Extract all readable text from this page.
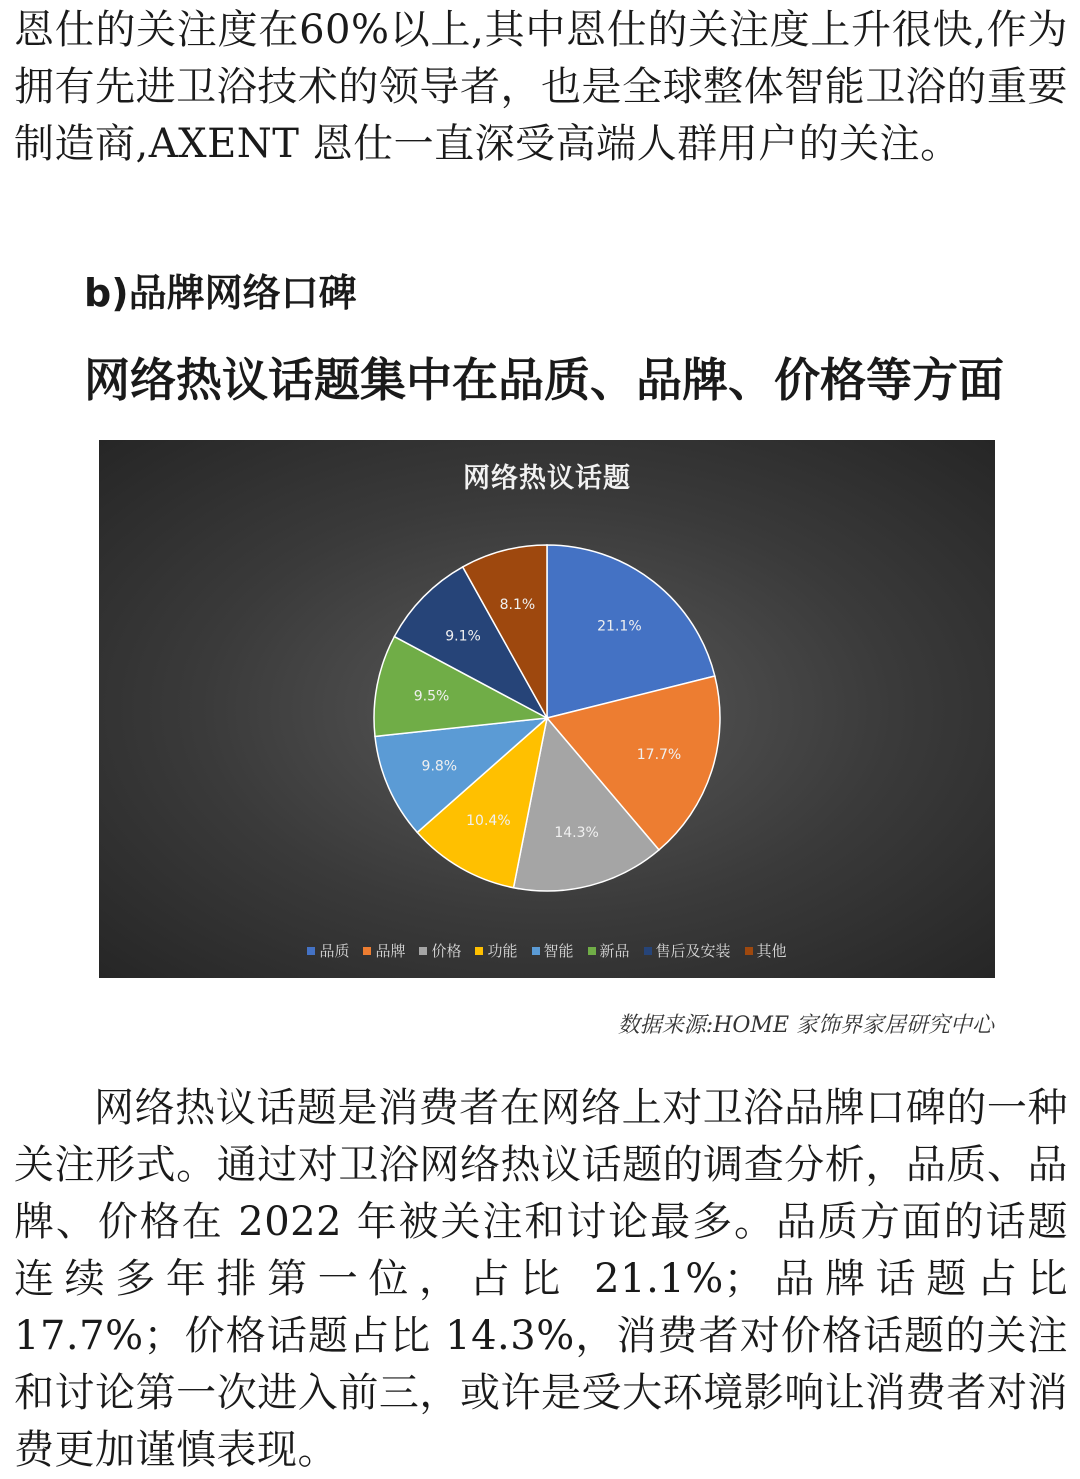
恩仕的关注度在60%以上,其中恩仕的关注度上升很快,作为拥有先进卫浴技术的领导者，也是全球整体智能卫浴的重要制造商,AXENT 恩仕一直深受高端人群用户的关注。

b)品牌网络口碑
网络热议话题集中在品质、品牌、价格等方面
网络热议话题
21.1%
17.7%
14.3%
10.4%
9.8%
9.5%
9.1%
8.1%
品质 品牌 价格 功能 智能 新品 售后及安装 其他
数据来源:HOME 家饰界家居研究中心

网络热议话题是消费者在网络上对卫浴品牌口碑的一种关注形式。通过对卫浴网络热议话题的调查分析，品质、品牌、价格在 2022 年被关注和讨论最多。品质方面的话题连续多年排第一位，占比 21.1%；品牌话题占比 17.7%；价格话题占比 14.3%，消费者对价格话题的关注和讨论第一次进入前三，或许是受大环境影响让消费者对消费更加谨慎表现。
